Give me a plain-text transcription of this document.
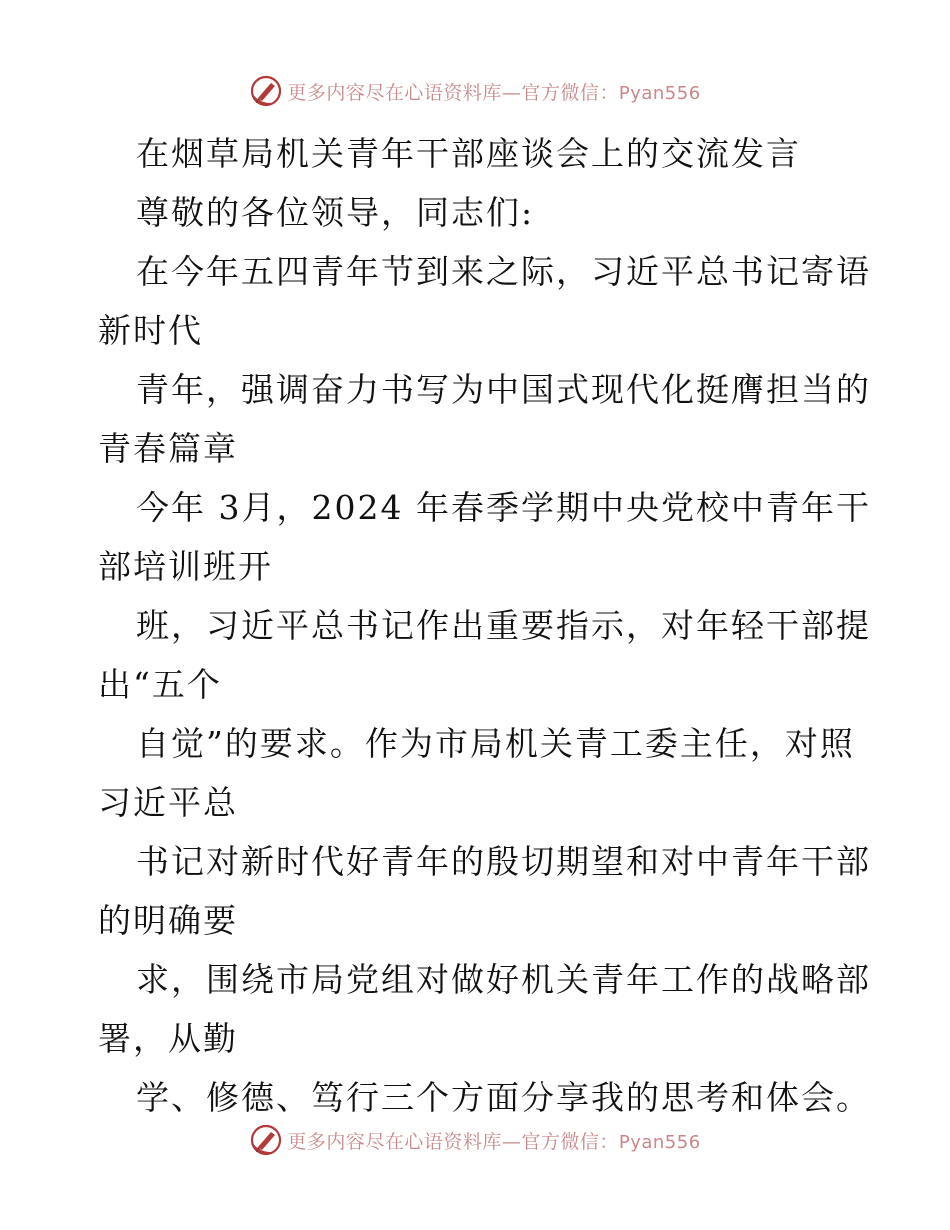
更多内容尽在心语资料库—官方微信：Pyan556
在烟草局机关青年干部座谈会上的交流发言
尊敬的各位领导，同志们:
在今年五四青年节到来之际，习近平总书记寄语
新时代
青年，强调奋力书写为中国式现代化挺膺担当的
青春篇章
今年 3月，2024 年春季学期中央党校中青年干
部培训班开
班，习近平总书记作出重要指示，对年轻干部提
出“五个
自觉”的要求。作为市局机关青工委主任，对照
习近平总
书记对新时代好青年的殷切期望和对中青年干部
的明确要
求，围绕市局党组对做好机关青年工作的战略部
署，从勤
学、修德、笃行三个方面分享我的思考和体会。
更多内容尽在心语资料库—官方微信：Pyan556
